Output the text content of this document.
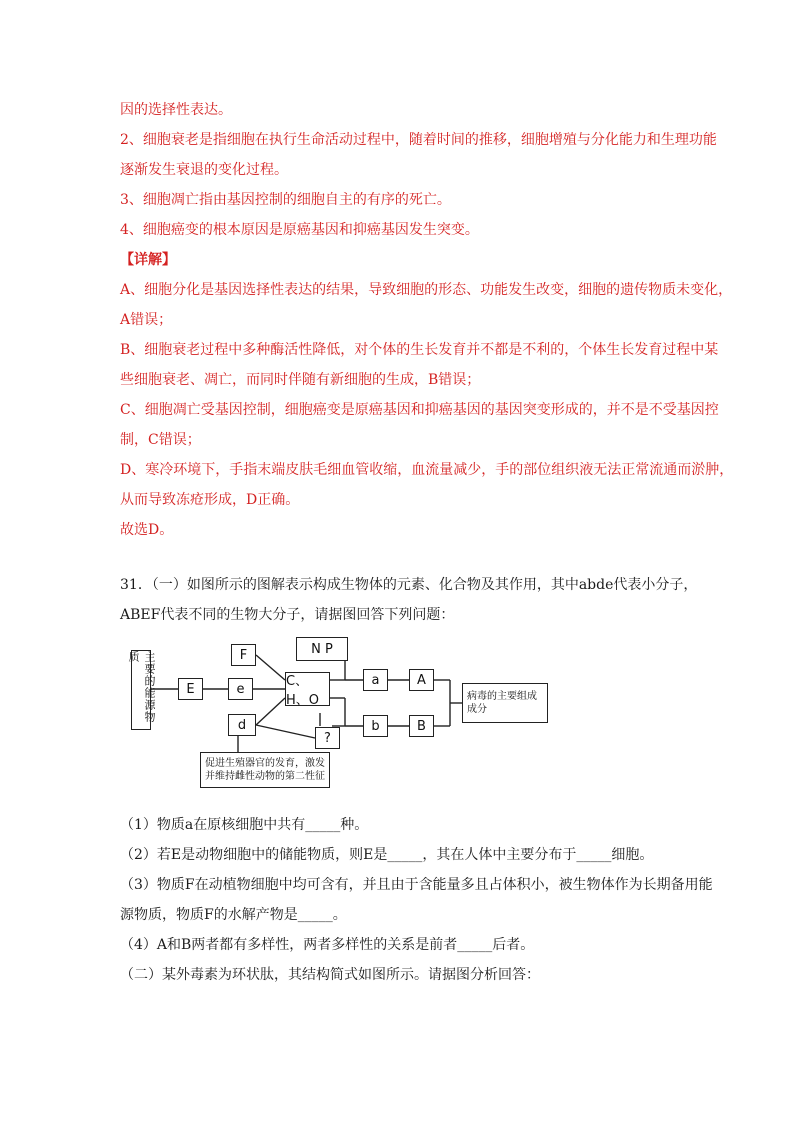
因的选择性表达。
2、细胞衰老是指细胞在执行生命活动过程中，随着时间的推移，细胞增殖与分化能力和生理功能
逐渐发生衰退的变化过程。
3、细胞凋亡指由基因控制的细胞自主的有序的死亡。
4、细胞癌变的根本原因是原癌基因和抑癌基因发生突变。
【详解】
A、细胞分化是基因选择性表达的结果，导致细胞的形态、功能发生改变，细胞的遗传物质未变化，
A错误；
B、细胞衰老过程中多种酶活性降低，对个体的生长发育并不都是不利的，个体生长发育过程中某
些细胞衰老、凋亡，而同时伴随有新细胞的生成，B错误；
C、细胞凋亡受基因控制，细胞癌变是原癌基因和抑癌基因的基因突变形成的，并不是不受基因控
制，C错误；
D、寒冷环境下，手指末端皮肤毛细血管收缩，血流量减少，手的部位组织液无法正常流通而淤肿，
从而导致冻疮形成，D正确。
故选D。
31．（一）如图所示的图解表示构成生物体的元素、化合物及其作用，其中abde代表小分子，
ABEF代表不同的生物大分子，请据图回答下列问题：
主要的能源物质
E	e
F
C、H、O
N P
d
?
a
b
A
B
病毒的主要组成成分
促进生殖器官的发育，激发并维持雌性动物的第二性征
（1）物质a在原核细胞中共有_____种。
（2）若E是动物细胞中的储能物质，则E是_____，其在人体中主要分布于_____细胞。
（3）物质F在动植物细胞中均可含有，并且由于含能量多且占体积小，被生物体作为长期备用能
源物质，物质F的水解产物是_____。
（4）A和B两者都有多样性，两者多样性的关系是前者_____后者。
（二）某外毒素为环状肽，其结构简式如图所示。请据图分析回答：
